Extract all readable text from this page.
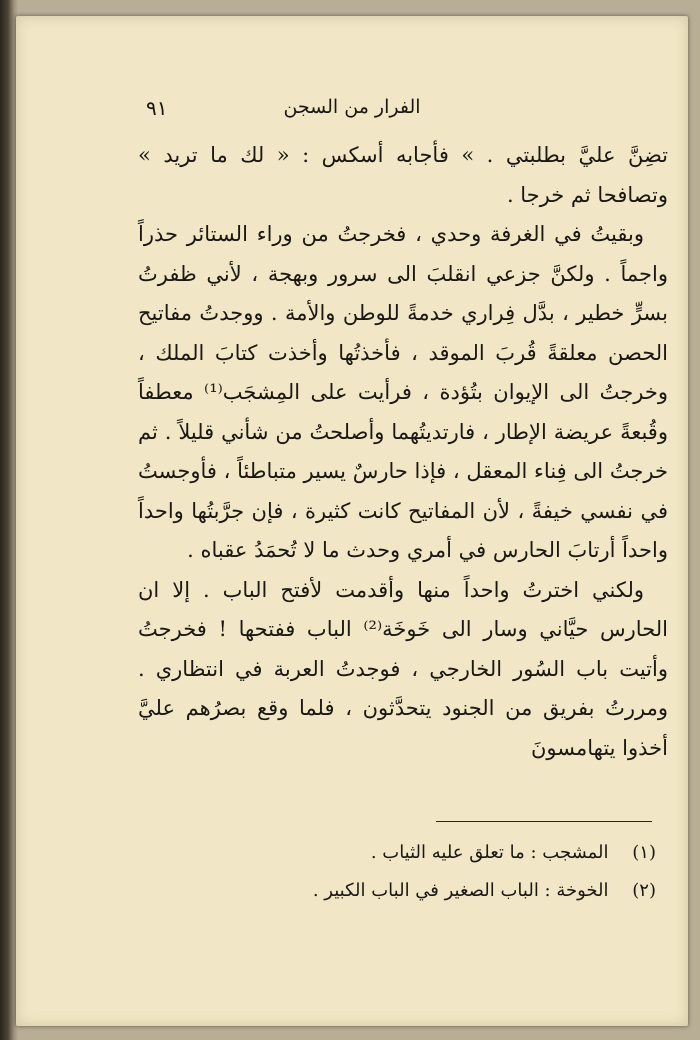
الفرار من السجن
٩١

تضِنَّ عليَّ بطلبتي . » فأجابه أسكس : « لك ما تريد » وتصافحا ثم خرجا .

وبقيتُ في الغرفة وحدي ، فخرجتُ من وراء الستائر حذراً واجماً . ولكنَّ جزعي انقلبَ الى سرور وبهجة ، لأني ظفرتُ بسرٍّ خطير ، بدَّل فِراري خدمةً للوطن والأمة . ووجدتُ مفاتيح الحصن معلقةً قُربَ الموقد ، فأخذتُها وأخذت كتابَ الملك ، وخرجتُ الى الإيوان بتُؤدة ، فرأيت على المِشجَب⁽¹⁾ معطفاً وقُبعةً عريضة الإطار ، فارتديتُهما وأصلحتُ من شأني قليلاً . ثم خرجتُ الى فِناء المعقل ، فإذا حارسٌ يسير متباطئاً ، فأوجستُ في نفسي خيفةً ، لأن المفاتيح كانت كثيرة ، فإن جرَّبتُها واحداً واحداً أرتابَ الحارس في أمري وحدث ما لا تُحمَدُ عقباه .

ولكني اخترتُ واحداً منها وأقدمت لأفتح الباب . إلا ان الحارس حيَّاني وسار الى خَوخَة⁽²⁾ الباب ففتحها ! فخرجتُ وأتيت باب السُور الخارجي ، فوجدتُ العربة في انتظاري . ومررتُ بفريق من الجنود يتحدَّثون ، فلما وقع بصرُهم عليَّ أخذوا يتهامسونَ

(١) المشجب : ما تعلق عليه الثياب .
(٢) الخوخة : الباب الصغير في الباب الكبير .
